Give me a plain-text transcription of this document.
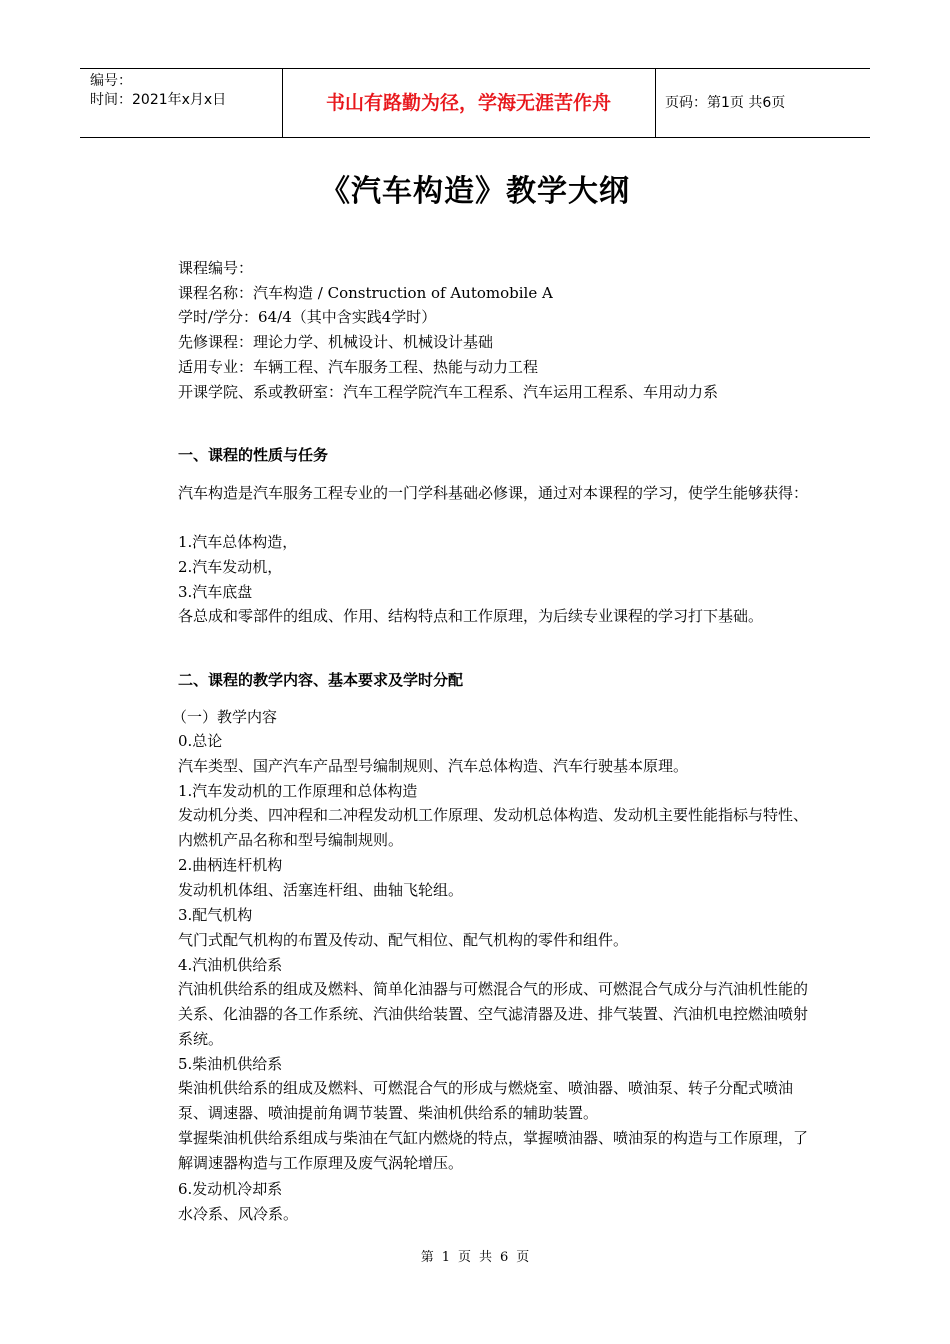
编号：
时间：2021年x月x日	书山有路勤为径，学海无涯苦作舟	页码：第1页 共6页
《汽车构造》教学大纲
课程编号：
课程名称：汽车构造 / Construction of Automobile A
学时/学分：64/4（其中含实践4学时）
先修课程：理论力学、机械设计、机械设计基础
适用专业：车辆工程、汽车服务工程、热能与动力工程
开课学院、系或教研室：汽车工程学院汽车工程系、汽车运用工程系、车用动力系
一、课程的性质与任务
汽车构造是汽车服务工程专业的一门学科基础必修课，通过对本课程的学习，使学生能够获得：
1.汽车总体构造，
2.汽车发动机，
3.汽车底盘
各总成和零部件的组成、作用、结构特点和工作原理，为后续专业课程的学习打下基础。
二、课程的教学内容、基本要求及学时分配
（一）教学内容
0.总论
汽车类型、国产汽车产品型号编制规则、汽车总体构造、汽车行驶基本原理。
1.汽车发动机的工作原理和总体构造
发动机分类、四冲程和二冲程发动机工作原理、发动机总体构造、发动机主要性能指标与特性、内燃机产品名称和型号编制规则。
2.曲柄连杆机构
发动机机体组、活塞连杆组、曲轴飞轮组。
3.配气机构
气门式配气机构的布置及传动、配气相位、配气机构的零件和组件。
4.汽油机供给系
汽油机供给系的组成及燃料、简单化油器与可燃混合气的形成、可燃混合气成分与汽油机性能的关系、化油器的各工作系统、汽油供给装置、空气滤清器及进、排气装置、汽油机电控燃油喷射系统。
5.柴油机供给系
柴油机供给系的组成及燃料、可燃混合气的形成与燃烧室、喷油器、喷油泵、转子分配式喷油泵、调速器、喷油提前角调节装置、柴油机供给系的辅助装置。
掌握柴油机供给系组成与柴油在气缸内燃烧的特点，掌握喷油器、喷油泵的构造与工作原理，了解调速器构造与工作原理及废气涡轮增压。
6.发动机冷却系
水冷系、风冷系。
第 1 页 共 6 页
